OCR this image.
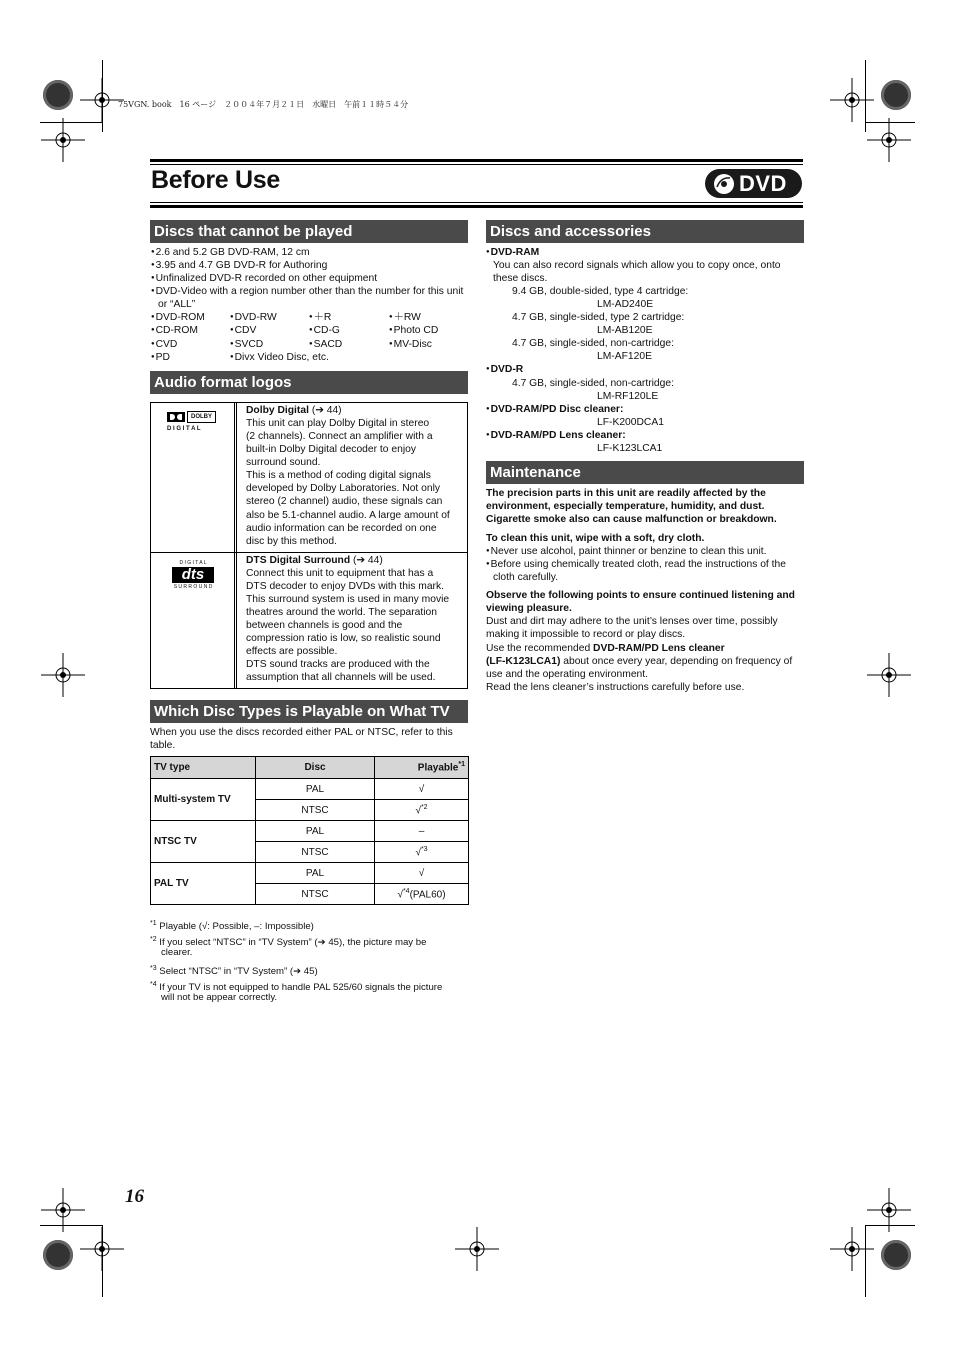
75VGN. book　16 ページ　２００４年７月２１日　水曜日　午前１１時５４分
Before Use	DVD
Discs that cannot be played
● 2.6 and 5.2 GB DVD-RAM, 12 cm
● 3.95 and 4.7 GB DVD-R for Authoring
● Unfinalized DVD-R recorded on other equipment
● DVD-Video with a region number other than the number for this unit
or “ALL”
● DVD-ROM	● DVD-RW	● ＋R	● ＋RW
● CD-ROM	● CDV	● CD-G	● Photo CD
● CVD	● SVCD	● SACD	● MV-Disc
● PD	● Divx Video Disc, etc.
Audio format logos
DOLBY
D I G I T A L
D I G I T A L
dts
S U R R O U N D
Dolby Digital (➔ 44)
This unit can play Dolby Digital in stereo
(2 channels). Connect an amplifier with a
built-in Dolby Digital decoder to enjoy
surround sound.
This is a method of coding digital signals
developed by Dolby Laboratories. Not only
stereo (2 channel) audio, these signals can
also be 5.1-channel audio. A large amount of
audio information can be recorded on one
disc by this method.
DTS Digital Surround (➔ 44)
Connect this unit to equipment that has a
DTS decoder to enjoy DVDs with this mark.
This surround system is used in many movie
theatres around the world. The separation
between channels is good and the
compression ratio is low, so realistic sound
effects are possible.
DTS sound tracks are produced with the
assumption that all channels will be used.
Which Disc Types is Playable on What TV
When you use the discs recorded either PAL or NTSC, refer to this
table.
TV type	Disc	Playable$^{*1}$
Multi-system TV	PAL	√
	NTSC	√$^{*2}$
NTSC TV	PAL	–
	NTSC	√$^{*3}$
PAL TV	PAL	√
	NTSC	√$^{*4}$(PAL60)
$^{*1}$ Playable (√: Possible, –: Impossible)
$^{*2}$ If you select “NTSC” in “TV System” (➔ 45), the picture may be
clearer.
$^{*3}$ Select “NTSC” in “TV System” (➔ 45)
$^{*4}$ If your TV is not equipped to handle PAL 525/60 signals the picture
will not be appear correctly.
Discs and accessories
● DVD-RAM
You can also record signals which allow you to copy once, onto
these discs.
9.4 GB, double-sided, type 4 cartridge:
LM-AD240E
4.7 GB, single-sided, type 2 cartridge:
LM-AB120E
4.7 GB, single-sided, non-cartridge:
LM-AF120E
● DVD-R
4.7 GB, single-sided, non-cartridge:
LM-RF120LE
● DVD-RAM/PD Disc cleaner:
LF-K200DCA1
● DVD-RAM/PD Lens cleaner:
LF-K123LCA1
Maintenance
The precision parts in this unit are readily affected by the
environment, especially temperature, humidity, and dust.
Cigarette smoke also can cause malfunction or breakdown.
To clean this unit, wipe with a soft, dry cloth.
● Never use alcohol, paint thinner or benzine to clean this unit.
● Before using chemically treated cloth, read the instructions of the
cloth carefully.
Observe the following points to ensure continued listening and
viewing pleasure.
Dust and dirt may adhere to the unit’s lenses over time, possibly
making it impossible to record or play discs.
Use the recommended DVD-RAM/PD Lens cleaner
(LF-K123LCA1) about once every year, depending on frequency of
use and the operating environment.
Read the lens cleaner’s instructions carefully before use.
16
